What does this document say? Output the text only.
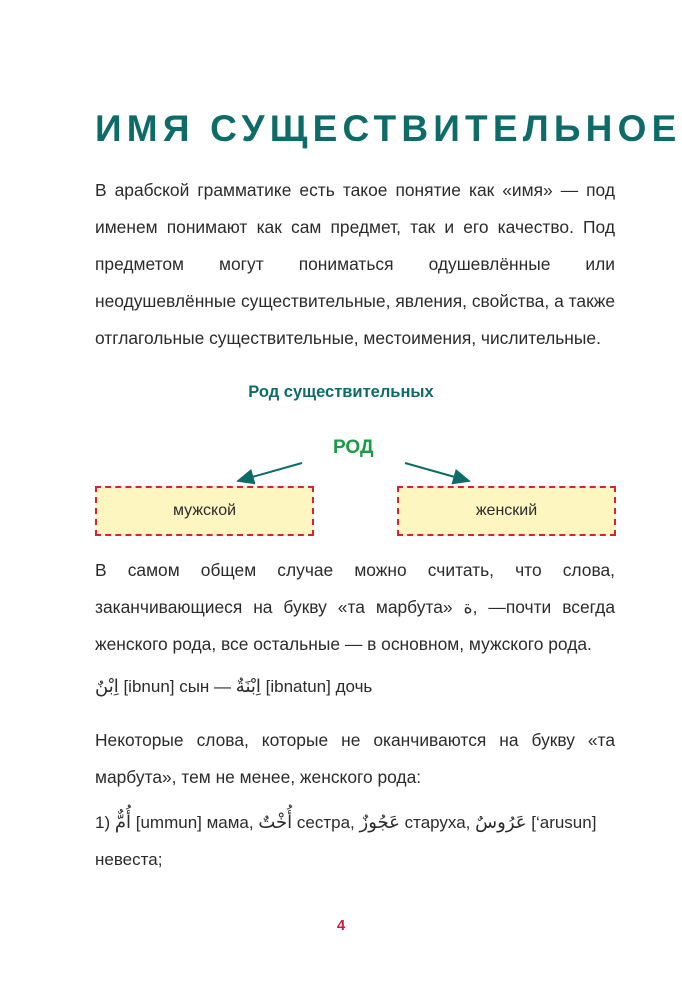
ИМЯ СУЩЕСТВИТЕЛЬНОЕ

В арабской грамматике есть такое понятие как «имя» — под именем понимают как сам предмет, так и его качество. Под предметом могут пониматься одушевлённые или неодушевлённые существительные, явления, свойства, а также отглагольные существительные, местоимения, числительные.

Род существительных
РОД
мужской	женский

В самом общем случае можно считать, что слова, заканчивающиеся на букву «та марбута» ة, —почти всегда женского рода, все остальные — в основном, мужского рода.

اِبْنٌ [ibnun] сын — اِبْنَةٌ [ibnatun] дочь

Некоторые слова, которые не оканчиваются на букву «та марбута», тем не менее, женского рода:

1) أُمٌّ [ummun] мама, أُخْتٌ сестра, عَجُوزٌ старуха, عَرُوسٌ [‘arusun]
невеста;
4
